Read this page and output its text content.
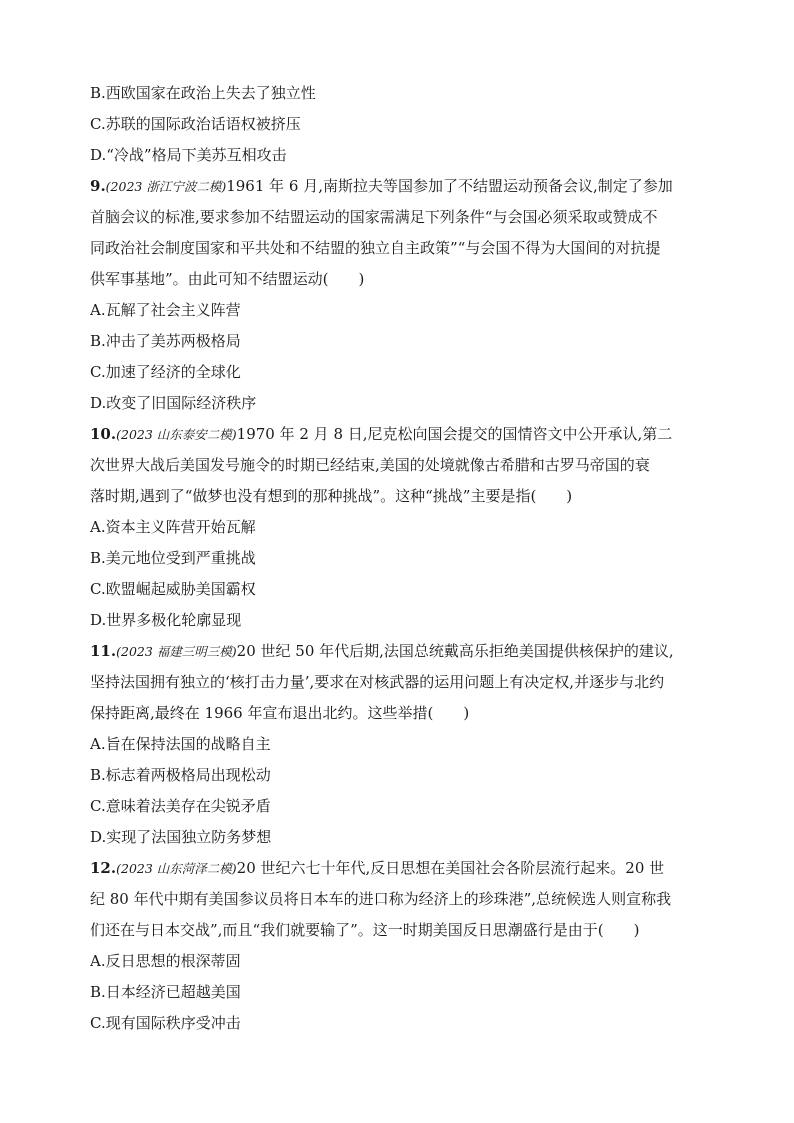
B.西欧国家在政治上失去了独立性
C.苏联的国际政治话语权被挤压
D.“冷战”格局下美苏互相攻击
9.(2023 浙江宁波二模)1961 年 6 月,南斯拉夫等国参加了不结盟运动预备会议,制定了参加
首脑会议的标准,要求参加不结盟运动的国家需满足下列条件“与会国必须采取或赞成不
同政治社会制度国家和平共处和不结盟的独立自主政策”“与会国不得为大国间的对抗提
供军事基地”。由此可知不结盟运动(　　)
A.瓦解了社会主义阵营
B.冲击了美苏两极格局
C.加速了经济的全球化
D.改变了旧国际经济秩序
10.(2023 山东泰安二模)1970 年 2 月 8 日,尼克松向国会提交的国情咨文中公开承认,第二
次世界大战后美国发号施令的时期已经结束,美国的处境就像古希腊和古罗马帝国的衰
落时期,遇到了“做梦也没有想到的那种挑战”。这种“挑战”主要是指(　　)
A.资本主义阵营开始瓦解
B.美元地位受到严重挑战
C.欧盟崛起威胁美国霸权
D.世界多极化轮廓显现
11.(2023 福建三明三模)20 世纪 50 年代后期,法国总统戴高乐拒绝美国提供核保护的建议,
坚持法国拥有独立的‘核打击力量’,要求在对核武器的运用问题上有决定权,并逐步与北约
保持距离,最终在 1966 年宣布退出北约。这些举措(　　)
A.旨在保持法国的战略自主
B.标志着两极格局出现松动
C.意味着法美存在尖锐矛盾
D.实现了法国独立防务梦想
12.(2023 山东菏泽二模)20 世纪六七十年代,反日思想在美国社会各阶层流行起来。20 世
纪 80 年代中期有美国参议员将日本车的进口称为经济上的珍珠港”,总统候选人则宣称我
们还在与日本交战”,而且“我们就要输了”。这一时期美国反日思潮盛行是由于(　　)
A.反日思想的根深蒂固
B.日本经济已超越美国
C.现有国际秩序受冲击
